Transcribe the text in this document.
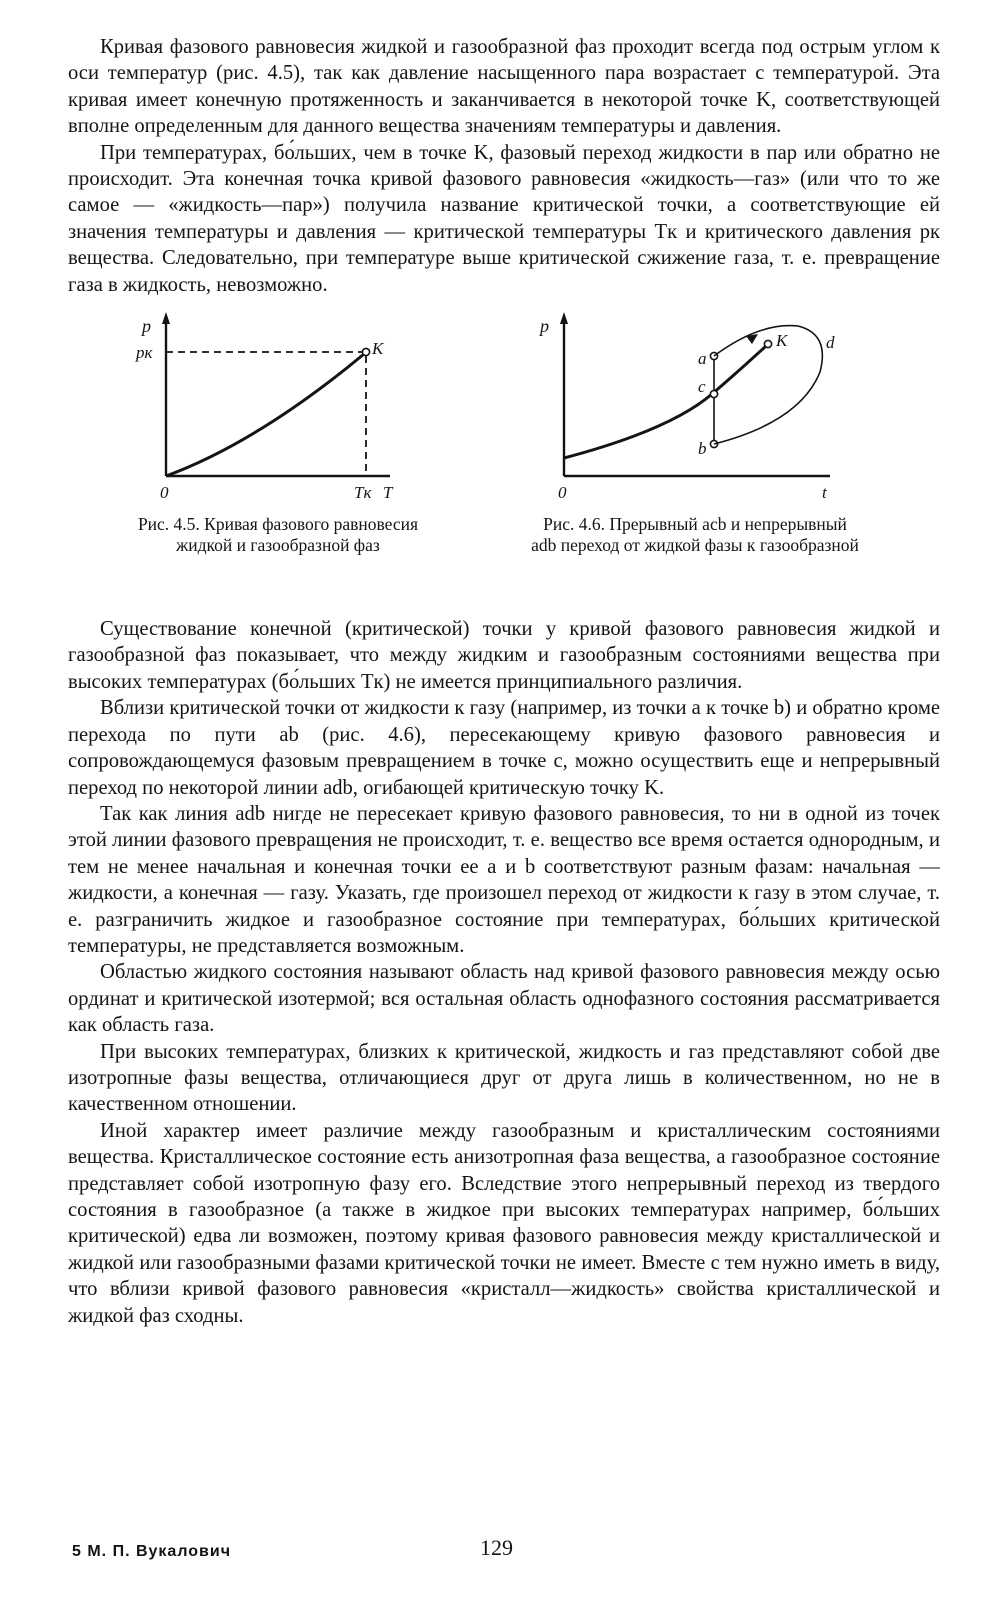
Кривая фазового равновесия жидкой и газообразной фаз проходит всегда под острым углом к оси температур (рис. 4.5), так как давление насыщенного пара возрастает с температурой. Эта кривая имеет конечную протяженность и заканчивается в некоторой точке K, соответствующей вполне определенным для данного вещества значениям температуры и давления.

При температурах, бо́льших, чем в точке K, фазовый переход жидкости в пар или обратно не происходит. Эта конечная точка кривой фазового равновесия «жидкость—газ» (или что то же самое — «жидкость—пар») получила название критической точки, а соответствующие ей значения температуры и давления — критической температуры Tк и критического давления pк вещества. Следовательно, при температуре выше критической сжижение газа, т. е. превращение газа в жидкость, невозможно.

p
pк	K
0	Tк T
Рис. 4.5. Кривая фазового равновесия жидкой и газообразной фаз
p
a
c
b
K d
0	t
Рис. 4.6. Прерывный acb и непрерывный adb переход от жидкой фазы к газообразной

Существование конечной (критической) точки у кривой фазового равновесия жидкой и газообразной фаз показывает, что между жидким и газообразным состояниями вещества при высоких температурах (бо́льших Tк) не имеется принципиального различия.

Вблизи критической точки от жидкости к газу (например, из точки a к точке b) и обратно кроме перехода по пути ab (рис. 4.6), пересекающему кривую фазового равновесия и сопровождающемуся фазовым превращением в точке c, можно осуществить еще и непрерывный переход по некоторой линии adb, огибающей критическую точку K.

Так как линия adb нигде не пересекает кривую фазового равновесия, то ни в одной из точек этой линии фазового превращения не происходит, т. е. вещество все время остается однородным, и тем не менее начальная и конечная точки ее a и b соответствуют разным фазам: начальная — жидкости, а конечная — газу. Указать, где произошел переход от жидкости к газу в этом случае, т. е. разграничить жидкое и газообразное состояние при температурах, бо́льших критической температуры, не представляется возможным.

Областью жидкого состояния называют область над кривой фазового равновесия между осью ординат и критической изотермой; вся остальная область однофазного состояния рассматривается как область газа.

При высоких температурах, близких к критической, жидкость и газ представляют собой две изотропные фазы вещества, отличающиеся друг от друга лишь в количественном, но не в качественном отношении.

Иной характер имеет различие между газообразным и кристаллическим состояниями вещества. Кристаллическое состояние есть анизотропная фаза вещества, а газообразное состояние представляет собой изотропную фазу его. Вследствие этого непрерывный переход из твердого состояния в газообразное (а также в жидкое при высоких температурах например, бо́льших критической) едва ли возможен, поэтому кривая фазового равновесия между кристаллической и жидкой или газообразными фазами критической точки не имеет. Вместе с тем нужно иметь в виду, что вблизи кривой фазового равновесия «кристалл—жидкость» свойства кристаллической и жидкой фаз сходны.

5 М. П. Вукалович	129
